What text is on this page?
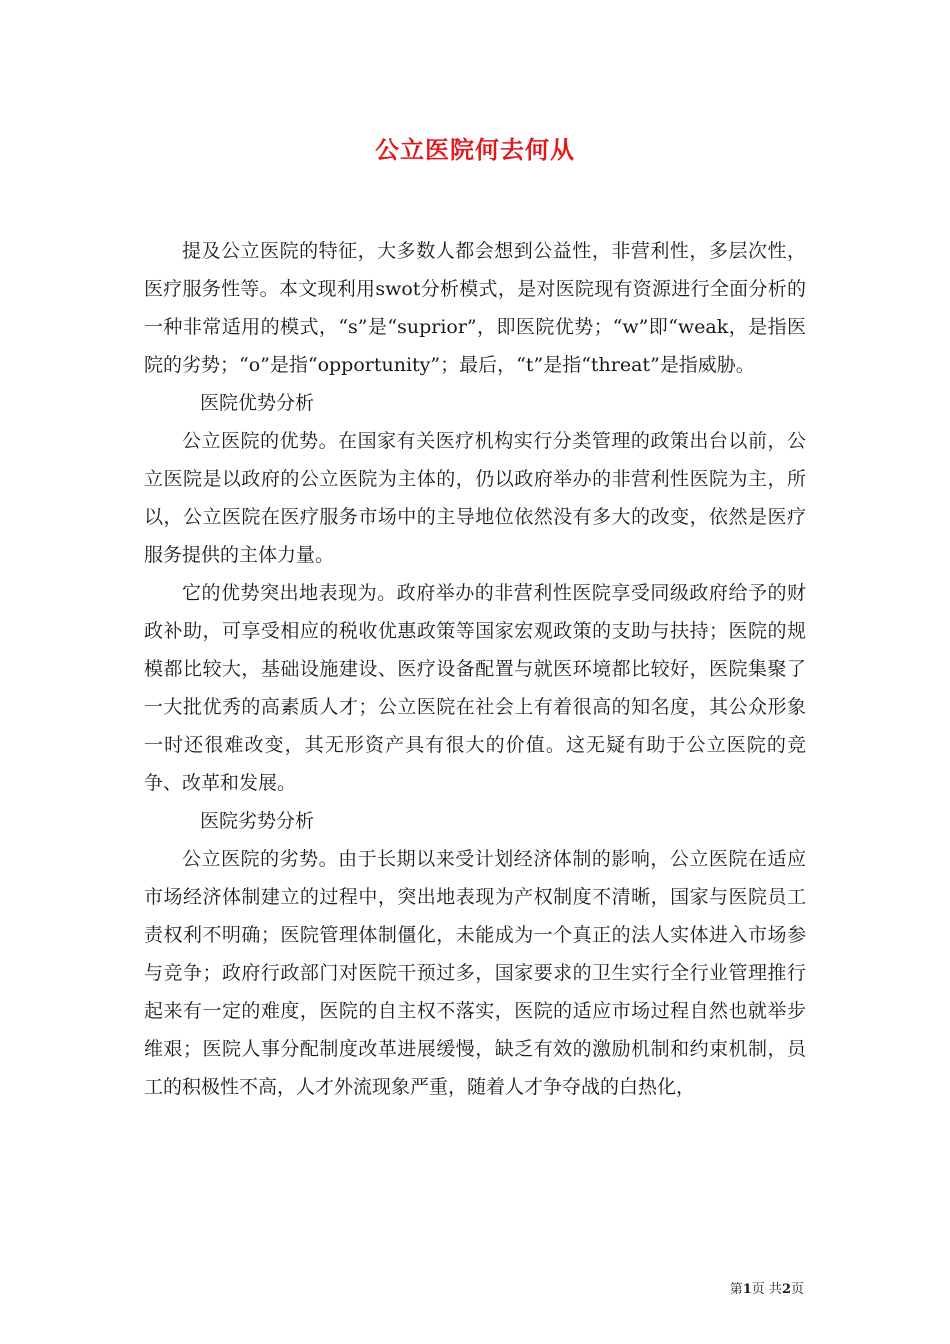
公立医院何去何从

提及公立医院的特征，大多数人都会想到公益性，非营利性，多层次性，医疗服务性等。本文现利用swot分析模式，是对医院现有资源进行全面分析的一种非常适用的模式，“s”是“suprior”，即医院优势；“w”即“weak，是指医院的劣势；“o”是指“opportunity”；最后，“t”是指“threat”是指威胁。

医院优势分析

公立医院的优势。在国家有关医疗机构实行分类管理的政策出台以前，公立医院是以政府的公立医院为主体的，仍以政府举办的非营利性医院为主，所以，公立医院在医疗服务市场中的主导地位依然没有多大的改变，依然是医疗服务提供的主体力量。

它的优势突出地表现为。政府举办的非营利性医院享受同级政府给予的财政补助，可享受相应的税收优惠政策等国家宏观政策的支助与扶持；医院的规模都比较大，基础设施建设、医疗设备配置与就医环境都比较好，医院集聚了一大批优秀的高素质人才；公立医院在社会上有着很高的知名度，其公众形象一时还很难改变，其无形资产具有很大的价值。这无疑有助于公立医院的竞争、改革和发展。

医院劣势分析

公立医院的劣势。由于长期以来受计划经济体制的影响，公立医院在适应市场经济体制建立的过程中，突出地表现为产权制度不清晰，国家与医院员工责权利不明确；医院管理体制僵化，未能成为一个真正的法人实体进入市场参与竞争；政府行政部门对医院干预过多，国家要求的卫生实行全行业管理推行起来有一定的难度，医院的自主权不落实，医院的适应市场过程自然也就举步维艰；医院人事分配制度改革进展缓慢，缺乏有效的激励机制和约束机制，员工的积极性不高，人才外流现象严重，随着人才争夺战的白热化，

第1页 共2页
